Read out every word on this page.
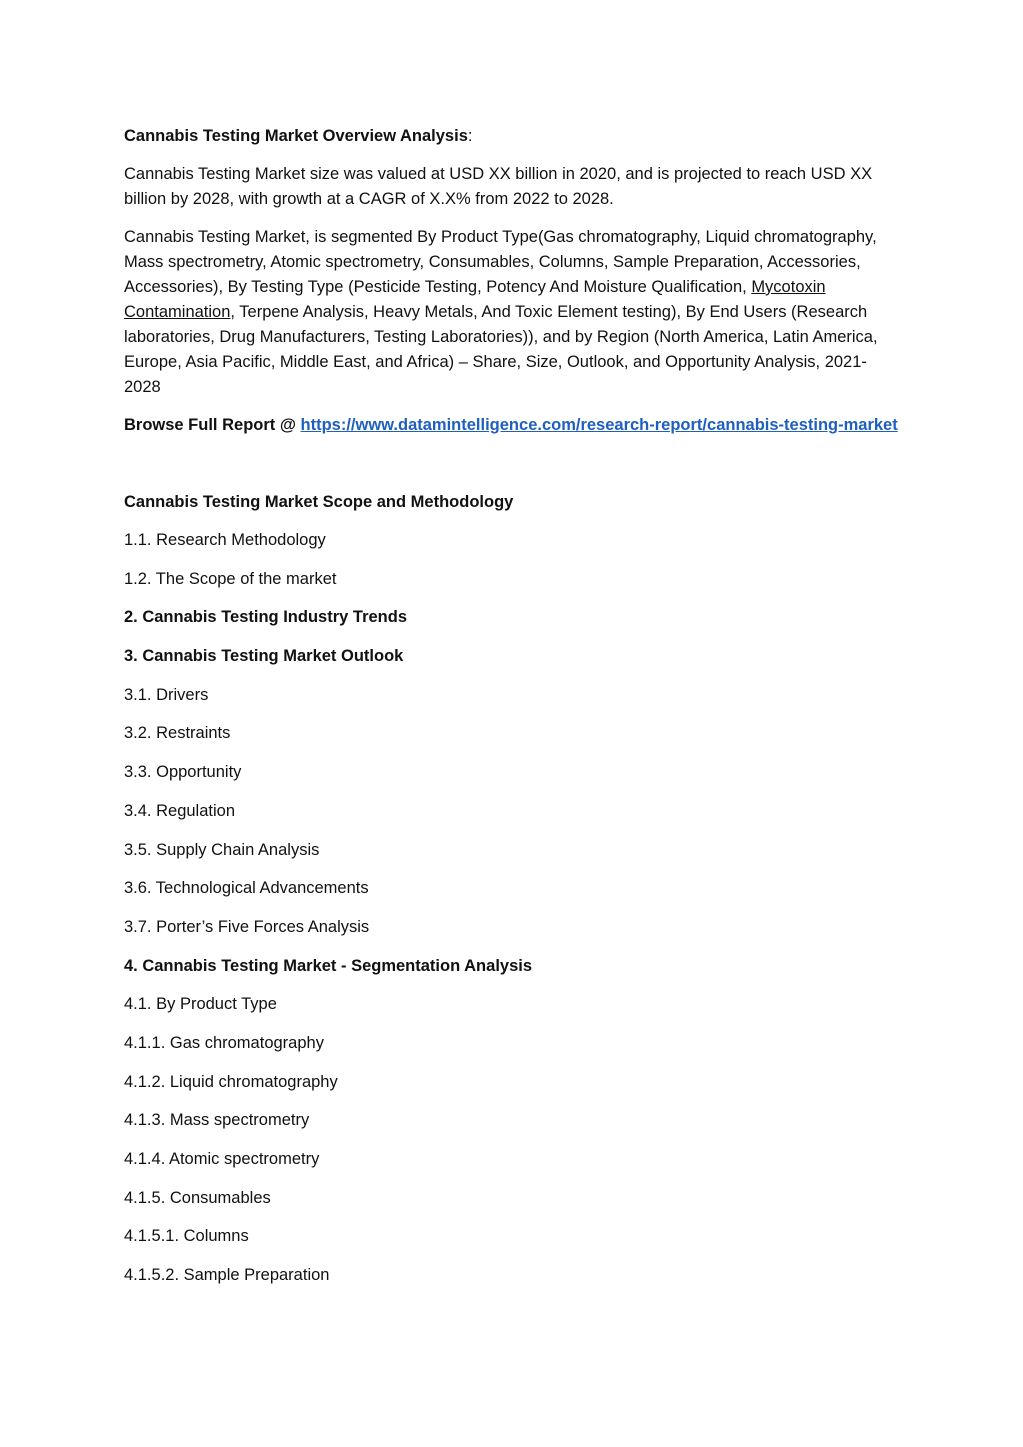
Cannabis Testing Market Overview Analysis:

Cannabis Testing Market size was valued at USD XX billion in 2020, and is projected to reach USD XX billion by 2028, with growth at a CAGR of X.X% from 2022 to 2028.

Cannabis Testing Market, is segmented By Product Type(Gas chromatography, Liquid chromatography, Mass spectrometry, Atomic spectrometry, Consumables, Columns, Sample Preparation, Accessories, Accessories), By Testing Type (Pesticide Testing, Potency And Moisture Qualification, Mycotoxin Contamination, Terpene Analysis, Heavy Metals, And Toxic Element testing), By End Users (Research laboratories, Drug Manufacturers, Testing Laboratories)), and by Region (North America, Latin America, Europe, Asia Pacific, Middle East, and Africa) – Share, Size, Outlook, and Opportunity Analysis, 2021-2028

Browse Full Report @ https://www.datamintelligence.com/research-report/cannabis-testing-market

Cannabis Testing Market Scope and Methodology

1.1. Research Methodology

1.2. The Scope of the market

2. Cannabis Testing Industry Trends

3. Cannabis Testing Market Outlook

3.1. Drivers

3.2. Restraints

3.3. Opportunity

3.4. Regulation

3.5. Supply Chain Analysis

3.6. Technological Advancements

3.7. Porter’s Five Forces Analysis

4. Cannabis Testing Market - Segmentation Analysis

4.1. By Product Type

4.1.1. Gas chromatography

4.1.2. Liquid chromatography

4.1.3. Mass spectrometry

4.1.4. Atomic spectrometry

4.1.5. Consumables

4.1.5.1. Columns

4.1.5.2. Sample Preparation
